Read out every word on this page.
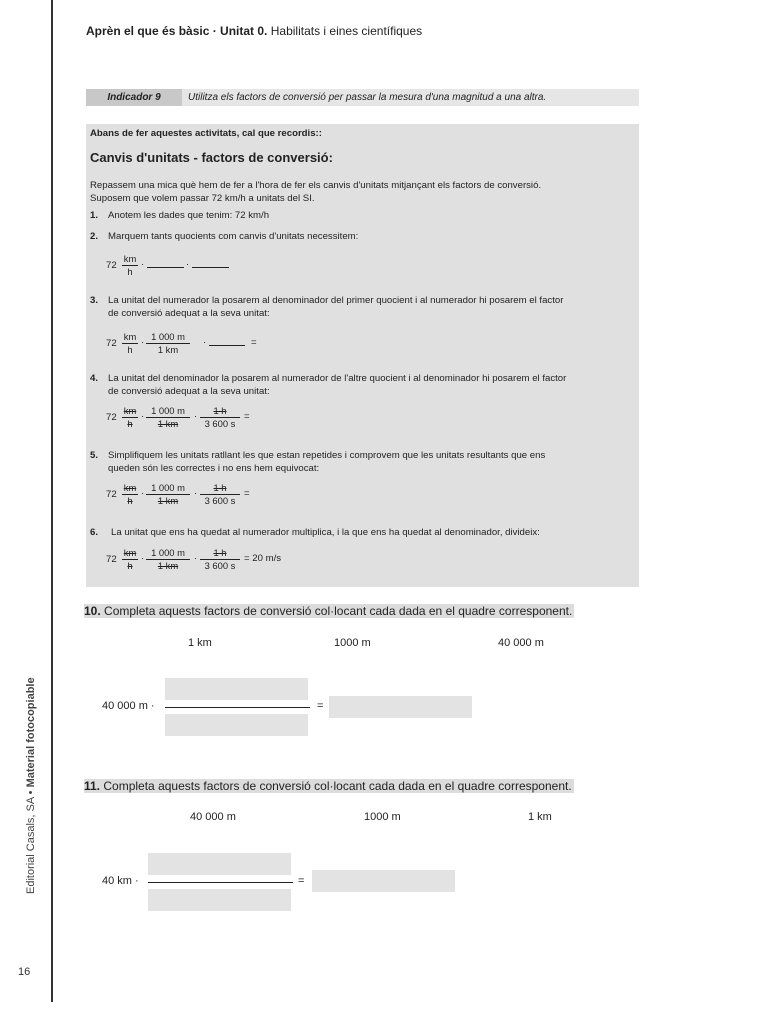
Editorial Casals, SA • Material fotocopiable
16
Aprèn el que és bàsic · Unitat 0. Habilitats i eines científiques
Indicador 9	Utilitza els factors de conversió per passar la mesura d'una magnitud a una altra.
Abans de fer aquestes activitats, cal que recordis::
Canvis d'unitats - factors de conversió:
Repassem una mica què hem de fer a l'hora de fer els canvis d'unitats mitjançant els factors de conversió.
Suposem que volem passar 72 km/h a unitats del SI.
1. Anotem les dades que tenim: 72 km/h
2. Marquem tants quocients com canvis d'unitats necessitem:
$72 \frac{km}{h}$ ·	·
3. La unitat del numerador la posarem al denominador del primer quocient i al numerador hi posarem el factor
de conversió adequat a la seva unitat:
$72 \frac{km}{h} \cdot \frac{1 000 m}{1 km}$ ·	=
4. La unitat del denominador la posarem al numerador de l'altre quocient i al denominador hi posarem el factor
de conversió adequat a la seva unitat:
$72 \frac{km}{h} \cdot \frac{1 000 m}{1 km} \cdot \frac{1 h}{3 600 s}$ =
5. Simplifiquem les unitats ratllant les que estan repetides i comprovem que les unitats resultants que ens
queden són les correctes i no ens hem equivocat:
$72 \frac{km}{h} \cdot \frac{1 000 m}{1 km} \cdot \frac{1 h}{3 600 s}$ =
6. La unitat que ens ha quedat al numerador multiplica, i la que ens ha quedat al denominador, divideix:
$72 \frac{km}{h} \cdot \frac{1 000 m}{1 km} \cdot \frac{1 h}{3 600 s} = 20$ m/s
10. Completa aquests factors de conversió col·locant cada dada en el quadre corresponent.
1 km	1000 m	40 000 m
40 000 m ·	=
11. Completa aquests factors de conversió col·locant cada dada en el quadre corresponent.
40 000 m	1000 m	1 km
40 km ·	=
